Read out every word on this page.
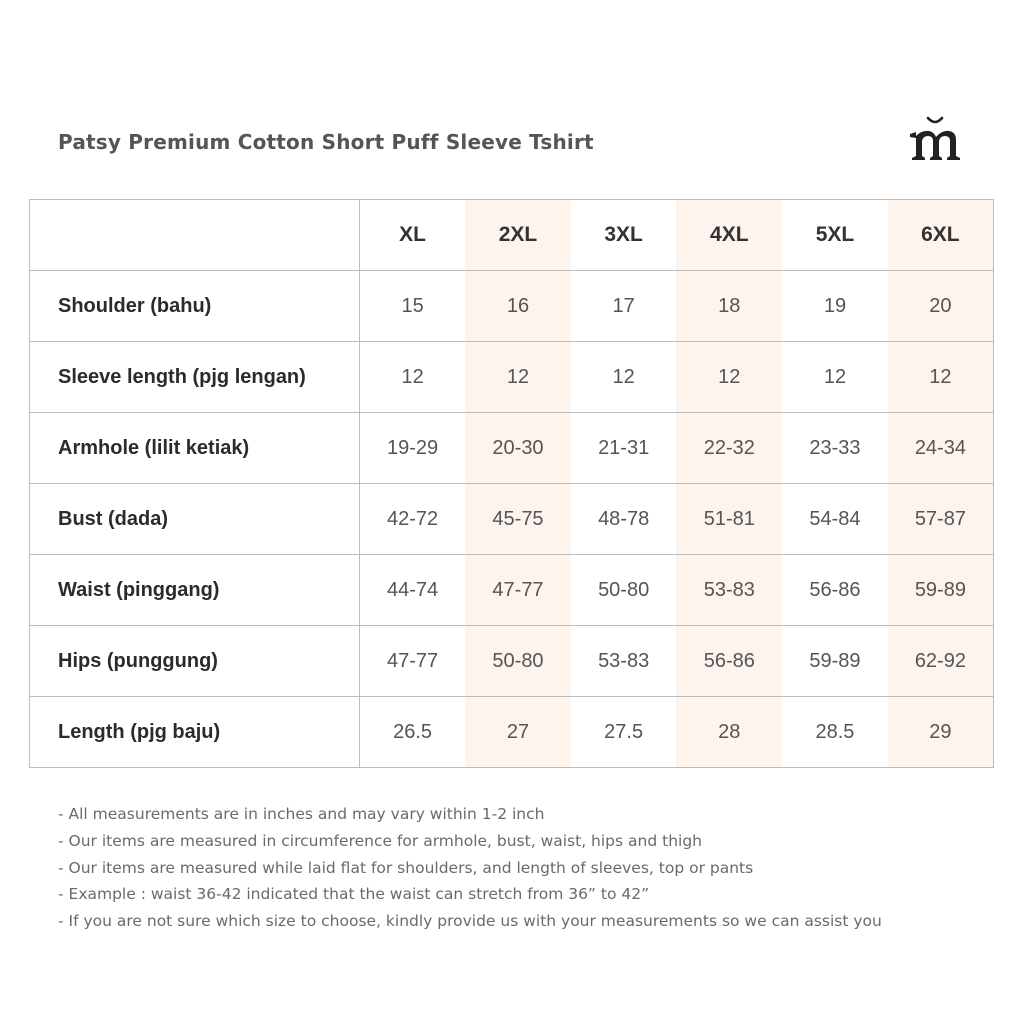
Patsy Premium Cotton Short Puff Sleeve Tshirt
	XL	2XL	3XL	4XL	5XL	6XL
Shoulder (bahu)	15	16	17	18	19	20
Sleeve length (pjg lengan)	12	12	12	12	12	12
Armhole (lilit ketiak)	19-29	20-30	21-31	22-32	23-33	24-34
Bust (dada)	42-72	45-75	48-78	51-81	54-84	57-87
Waist (pinggang)	44-74	47-77	50-80	53-83	56-86	59-89
Hips (punggung)	47-77	50-80	53-83	56-86	59-89	62-92
Length (pjg baju)	26.5	27	27.5	28	28.5	29
- All measurements are in inches and may vary within 1-2 inch
- Our items are measured in circumference for armhole, bust, waist, hips and thigh
- Our items are measured while laid flat for shoulders, and length of sleeves, top or pants
- Example : waist 36-42 indicated that the waist can stretch from 36” to 42”
- If you are not sure which size to choose, kindly provide us with your measurements so we can assist you
